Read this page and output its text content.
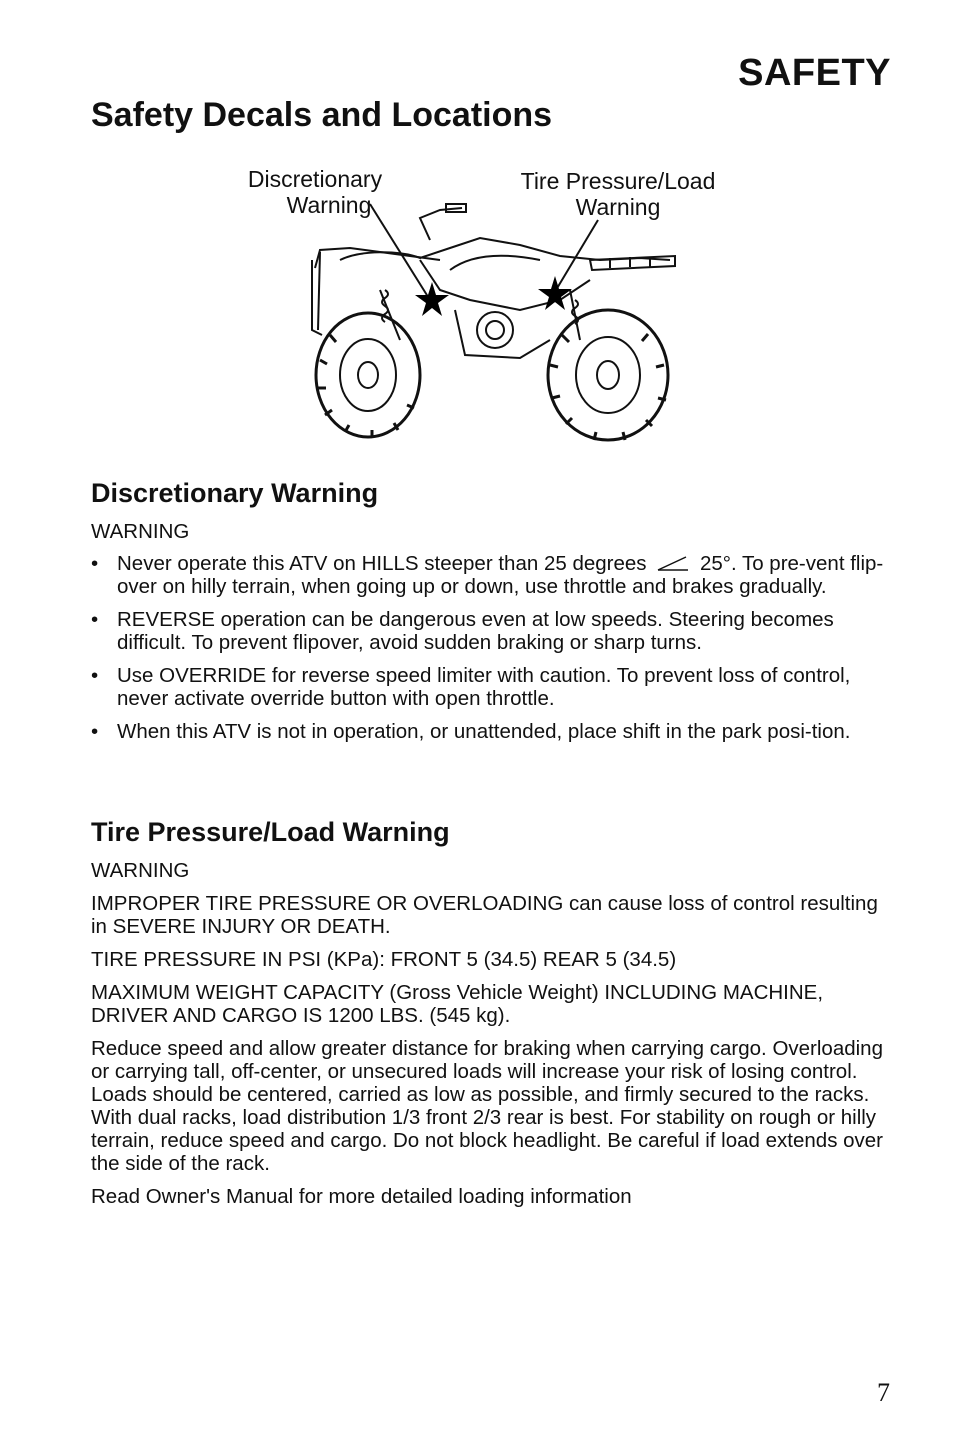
SAFETY
Safety Decals and Locations
Discretionary
Warning
Tire Pressure/Load
Warning
Discretionary Warning

WARNING

• Never operate this ATV on HILLS steeper than 25 degrees	25°. To pre-vent flip-over on hilly terrain, when going up or down, use throttle and brakes gradually.
• REVERSE operation can be dangerous even at low speeds. Steering becomes difficult. To prevent flipover, avoid sudden braking or sharp turns.
• Use OVERRIDE for reverse speed limiter with caution. To prevent loss of control, never activate override button with open throttle.
• When this ATV is not in operation, or unattended, place shift in the park posi-tion.
Tire Pressure/Load Warning

WARNING

IMPROPER TIRE PRESSURE OR OVERLOADING can cause loss of control resulting in SEVERE INJURY OR DEATH.

TIRE PRESSURE IN PSI (KPa): FRONT 5 (34.5) REAR 5 (34.5)

MAXIMUM WEIGHT CAPACITY (Gross Vehicle Weight) INCLUDING MACHINE, DRIVER AND CARGO IS 1200 LBS. (545 kg).

Reduce speed and allow greater distance for braking when carrying cargo. Overloading or carrying tall, off-center, or unsecured loads will increase your risk of losing control. Loads should be centered, carried as low as possible, and firmly secured to the racks. With dual racks, load distribution 1/3 front 2/3 rear is best. For stability on rough or hilly terrain, reduce speed and cargo. Do not block headlight. Be careful if load extends over the side of the rack.

Read Owner's Manual for more detailed loading information

7
